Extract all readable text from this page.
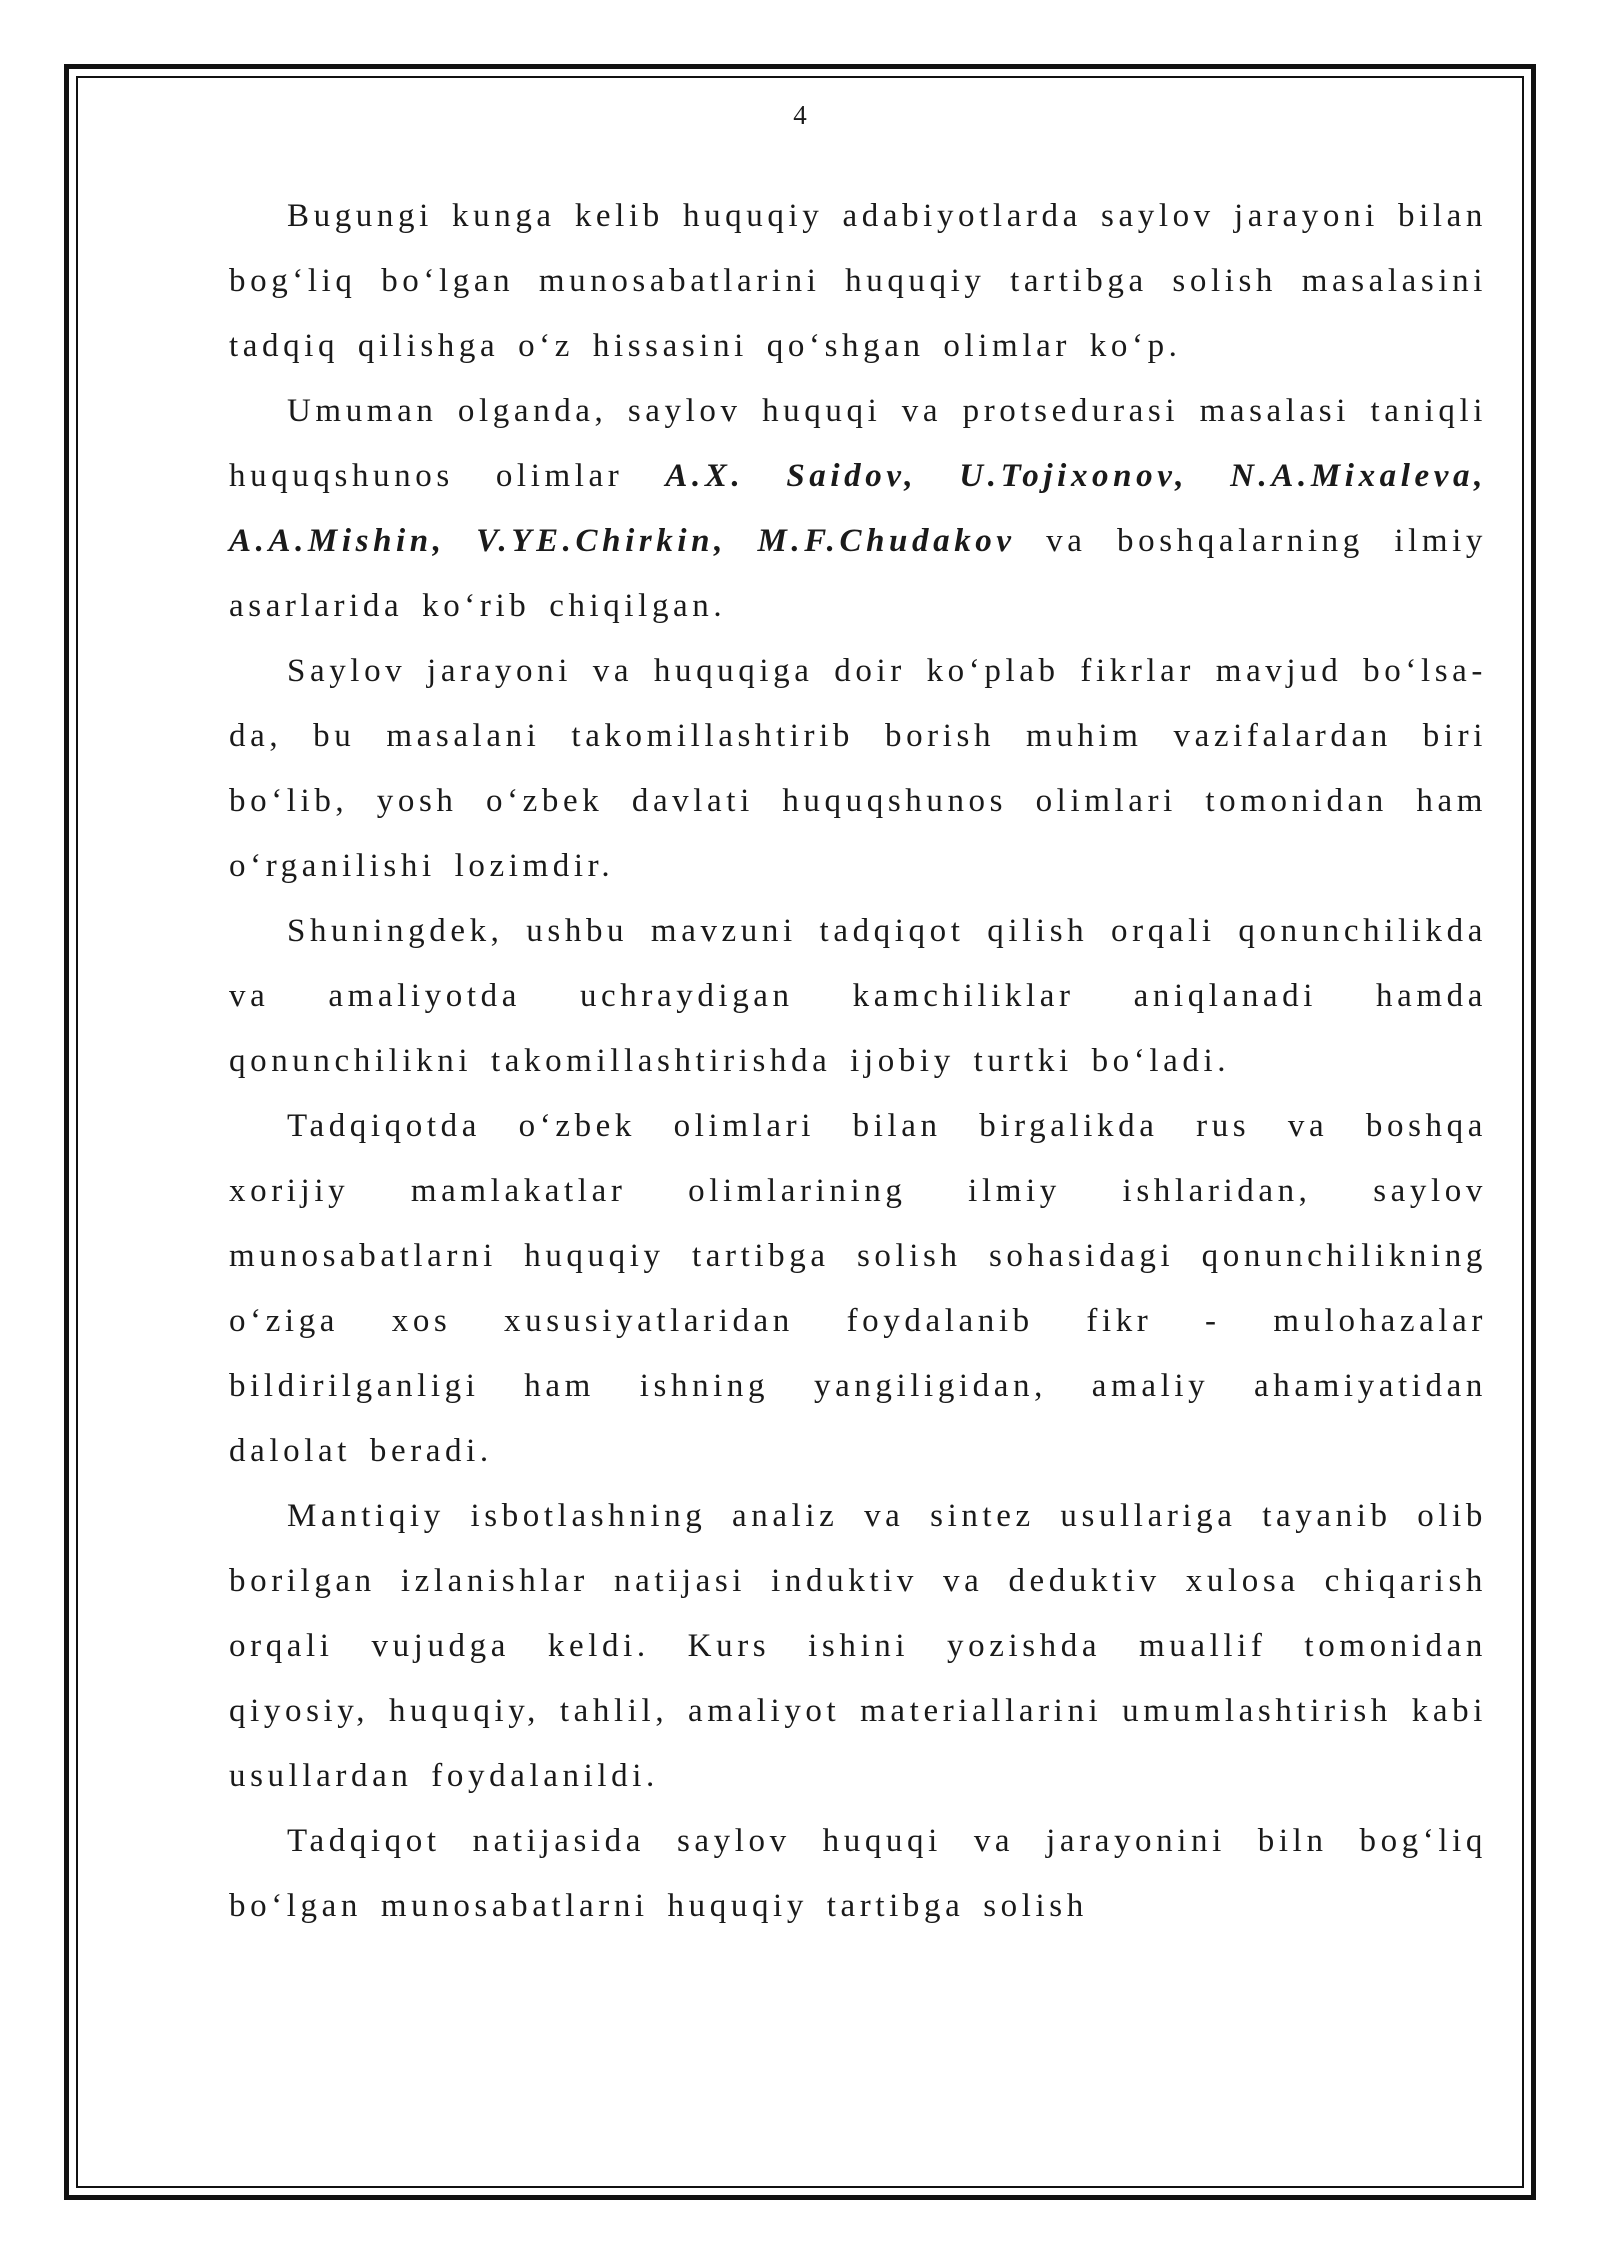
4

Bugungi kunga kelib huquqiy adabiyotlarda saylov jarayoni bilan bog‘liq bo‘lgan munosabatlarini huquqiy tartibga solish masalasini tadqiq qilishga o‘z hissasini qo‘shgan olimlar ko‘p.

Umuman olganda, saylov huquqi va protsedurasi masalasi taniqli huquqshunos olimlar A.X. Saidov, U.Tojixonov, N.A.Mixaleva, A.A.Mishin, V.YE.Chirkin, M.F.Chudakov va boshqalarning ilmiy asarlarida ko‘rib chiqilgan.

Saylov jarayoni va huquqiga doir ko‘plab fikrlar mavjud bo‘lsa-da, bu masalani takomillashtirib borish muhim vazifalardan biri bo‘lib, yosh o‘zbek davlati huquqshunos olimlari tomonidan ham o‘rganilishi lozimdir.

Shuningdek, ushbu mavzuni tadqiqot qilish orqali qonunchilikda va amaliyotda uchraydigan kamchiliklar aniqlanadi hamda qonunchilikni takomillashtirishda ijobiy turtki bo‘ladi.

Tadqiqotda o‘zbek olimlari bilan birgalikda rus va boshqa xorijiy mamlakatlar olimlarining ilmiy ishlaridan, saylov munosabatlarni huquqiy tartibga solish sohasidagi qonunchilikning o‘ziga xos xususiyatlaridan foydalanib fikr - mulohazalar bildirilganligi ham ishning yangiligidan, amaliy ahamiyatidan dalolat beradi.

Mantiqiy isbotlashning analiz va sintez usullariga tayanib olib borilgan izlanishlar natijasi induktiv va deduktiv xulosa chiqarish orqali vujudga keldi. Kurs ishini yozishda muallif tomonidan qiyosiy, huquqiy, tahlil, amaliyot materiallarini umumlashtirish kabi usullardan foydalanildi.

Tadqiqot natijasida saylov huquqi va jarayonini biln bog‘liq bo‘lgan munosabatlarni huquqiy tartibga solish
